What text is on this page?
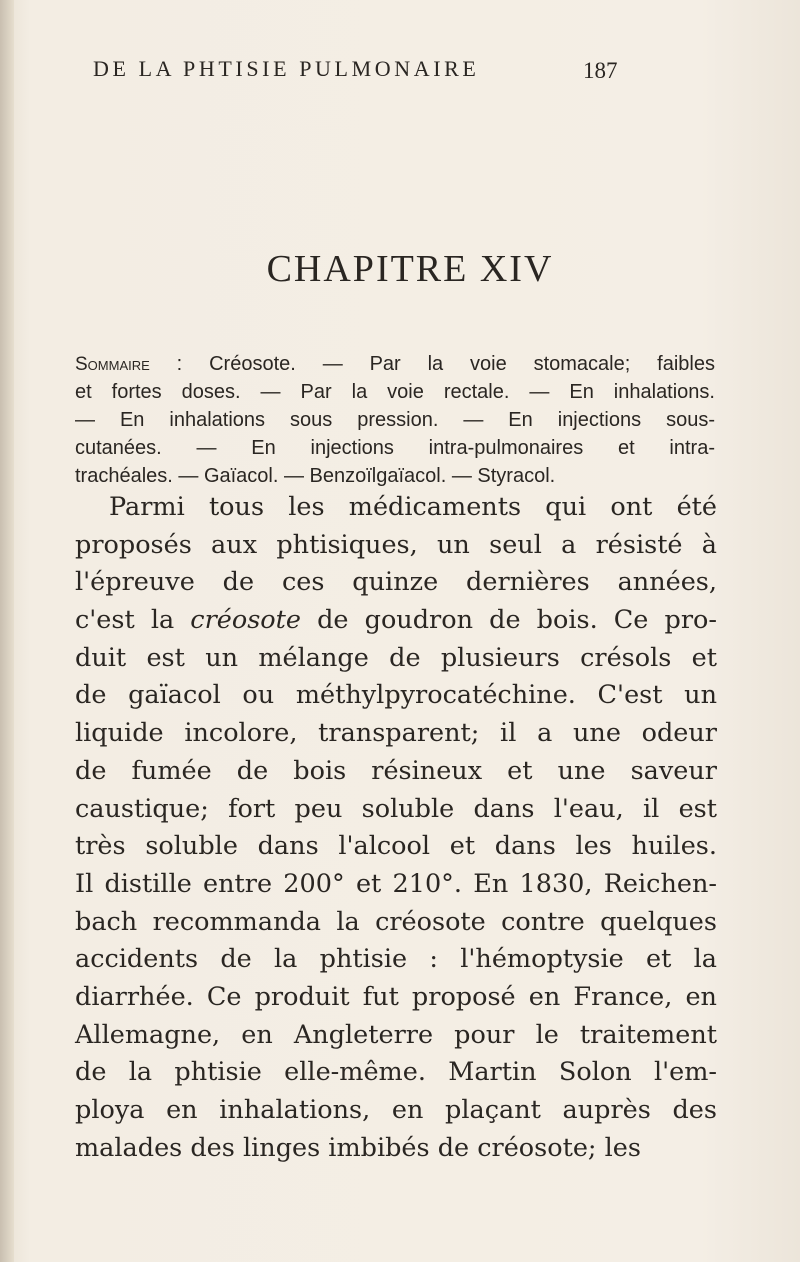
DE LA PHTISIE PULMONAIRE	187
CHAPITRE XIV
Sommaire : Créosote. — Par la voie stomacale; faibles
et fortes doses. — Par la voie rectale. — En inhalations.
— En inhalations sous pression. — En injections sous-
cutanées. — En injections intra-pulmonaires et intra-
trachéales. — Gaïacol. — Benzoïlgaïacol. — Styracol.
Parmi tous les médicaments qui ont été
proposés aux phtisiques, un seul a résisté à
l'épreuve de ces quinze dernières années,
c'est la créosote de goudron de bois. Ce pro-
duit est un mélange de plusieurs crésols et
de gaïacol ou méthylpyrocatéchine. C'est un
liquide incolore, transparent; il a une odeur
de fumée de bois résineux et une saveur
caustique; fort peu soluble dans l'eau, il est
très soluble dans l'alcool et dans les huiles.
Il distille entre 200° et 210°. En 1830, Reichen-
bach recommanda la créosote contre quelques
accidents de la phtisie : l'hémoptysie et la
diarrhée. Ce produit fut proposé en France, en
Allemagne, en Angleterre pour le traitement
de la phtisie elle-même. Martin Solon l'em-
ploya en inhalations, en plaçant auprès des
malades des linges imbibés de créosote; les
